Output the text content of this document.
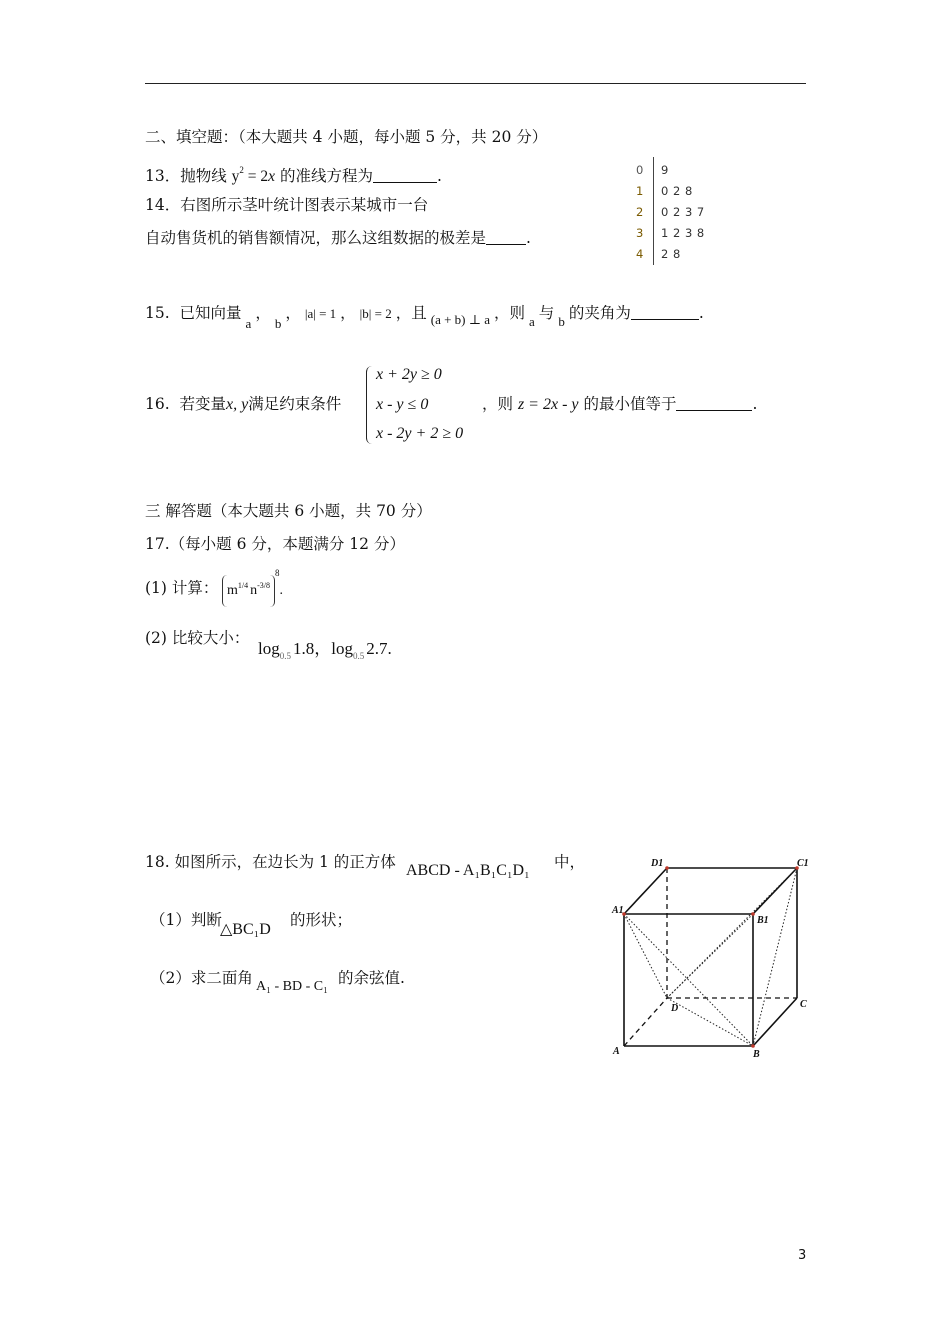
二、填空题：（本大题共 4 小题，每小题 5 分，共 20 分）
13．抛物线 $y^2 = 2x$ 的准线方程为	.
14．右图所示茎叶统计图表示某城市一台
自动售货机的销售额情况，那么这组数据的极差是	.
0 9
1 0 2 8
2 0 2 3 7
3 1 2 3 8
4 2 8
15. 已知向量$_a$，$_b$， |a| = 1 ， |b| = 2 ，且 $_{(a + b) \perp a}$ ，则 $_a$ 与 $_b$ 的夹角为	.
16. 若变量x, y满足约束条件
x + 2y ≥ 0
x - y ≤ 0
x - 2y + 2 ≥ 0
，则 z = 2x - y 的最小值等于	.
三 解答题（本大题共 6 小题，共 70 分）
17.（每小题 6 分，本题满分 12 分）
(1) 计算： $m^{1/4}$ $n^{-3/88}$.
(2) 比较大小：
$\log_{0.5} 1.8$，$\log_{0.5} 2.7$.
18. 如图所示，在边长为 1 的正方体 ABCD - A₁B₁C₁D₁ 中，
（1）判断
△BC₁D
的形状；
（2）求二面角 A₁ - BD - C₁ 的余弦值.
D1	C1
A1
B1
D	C
A	B
3
